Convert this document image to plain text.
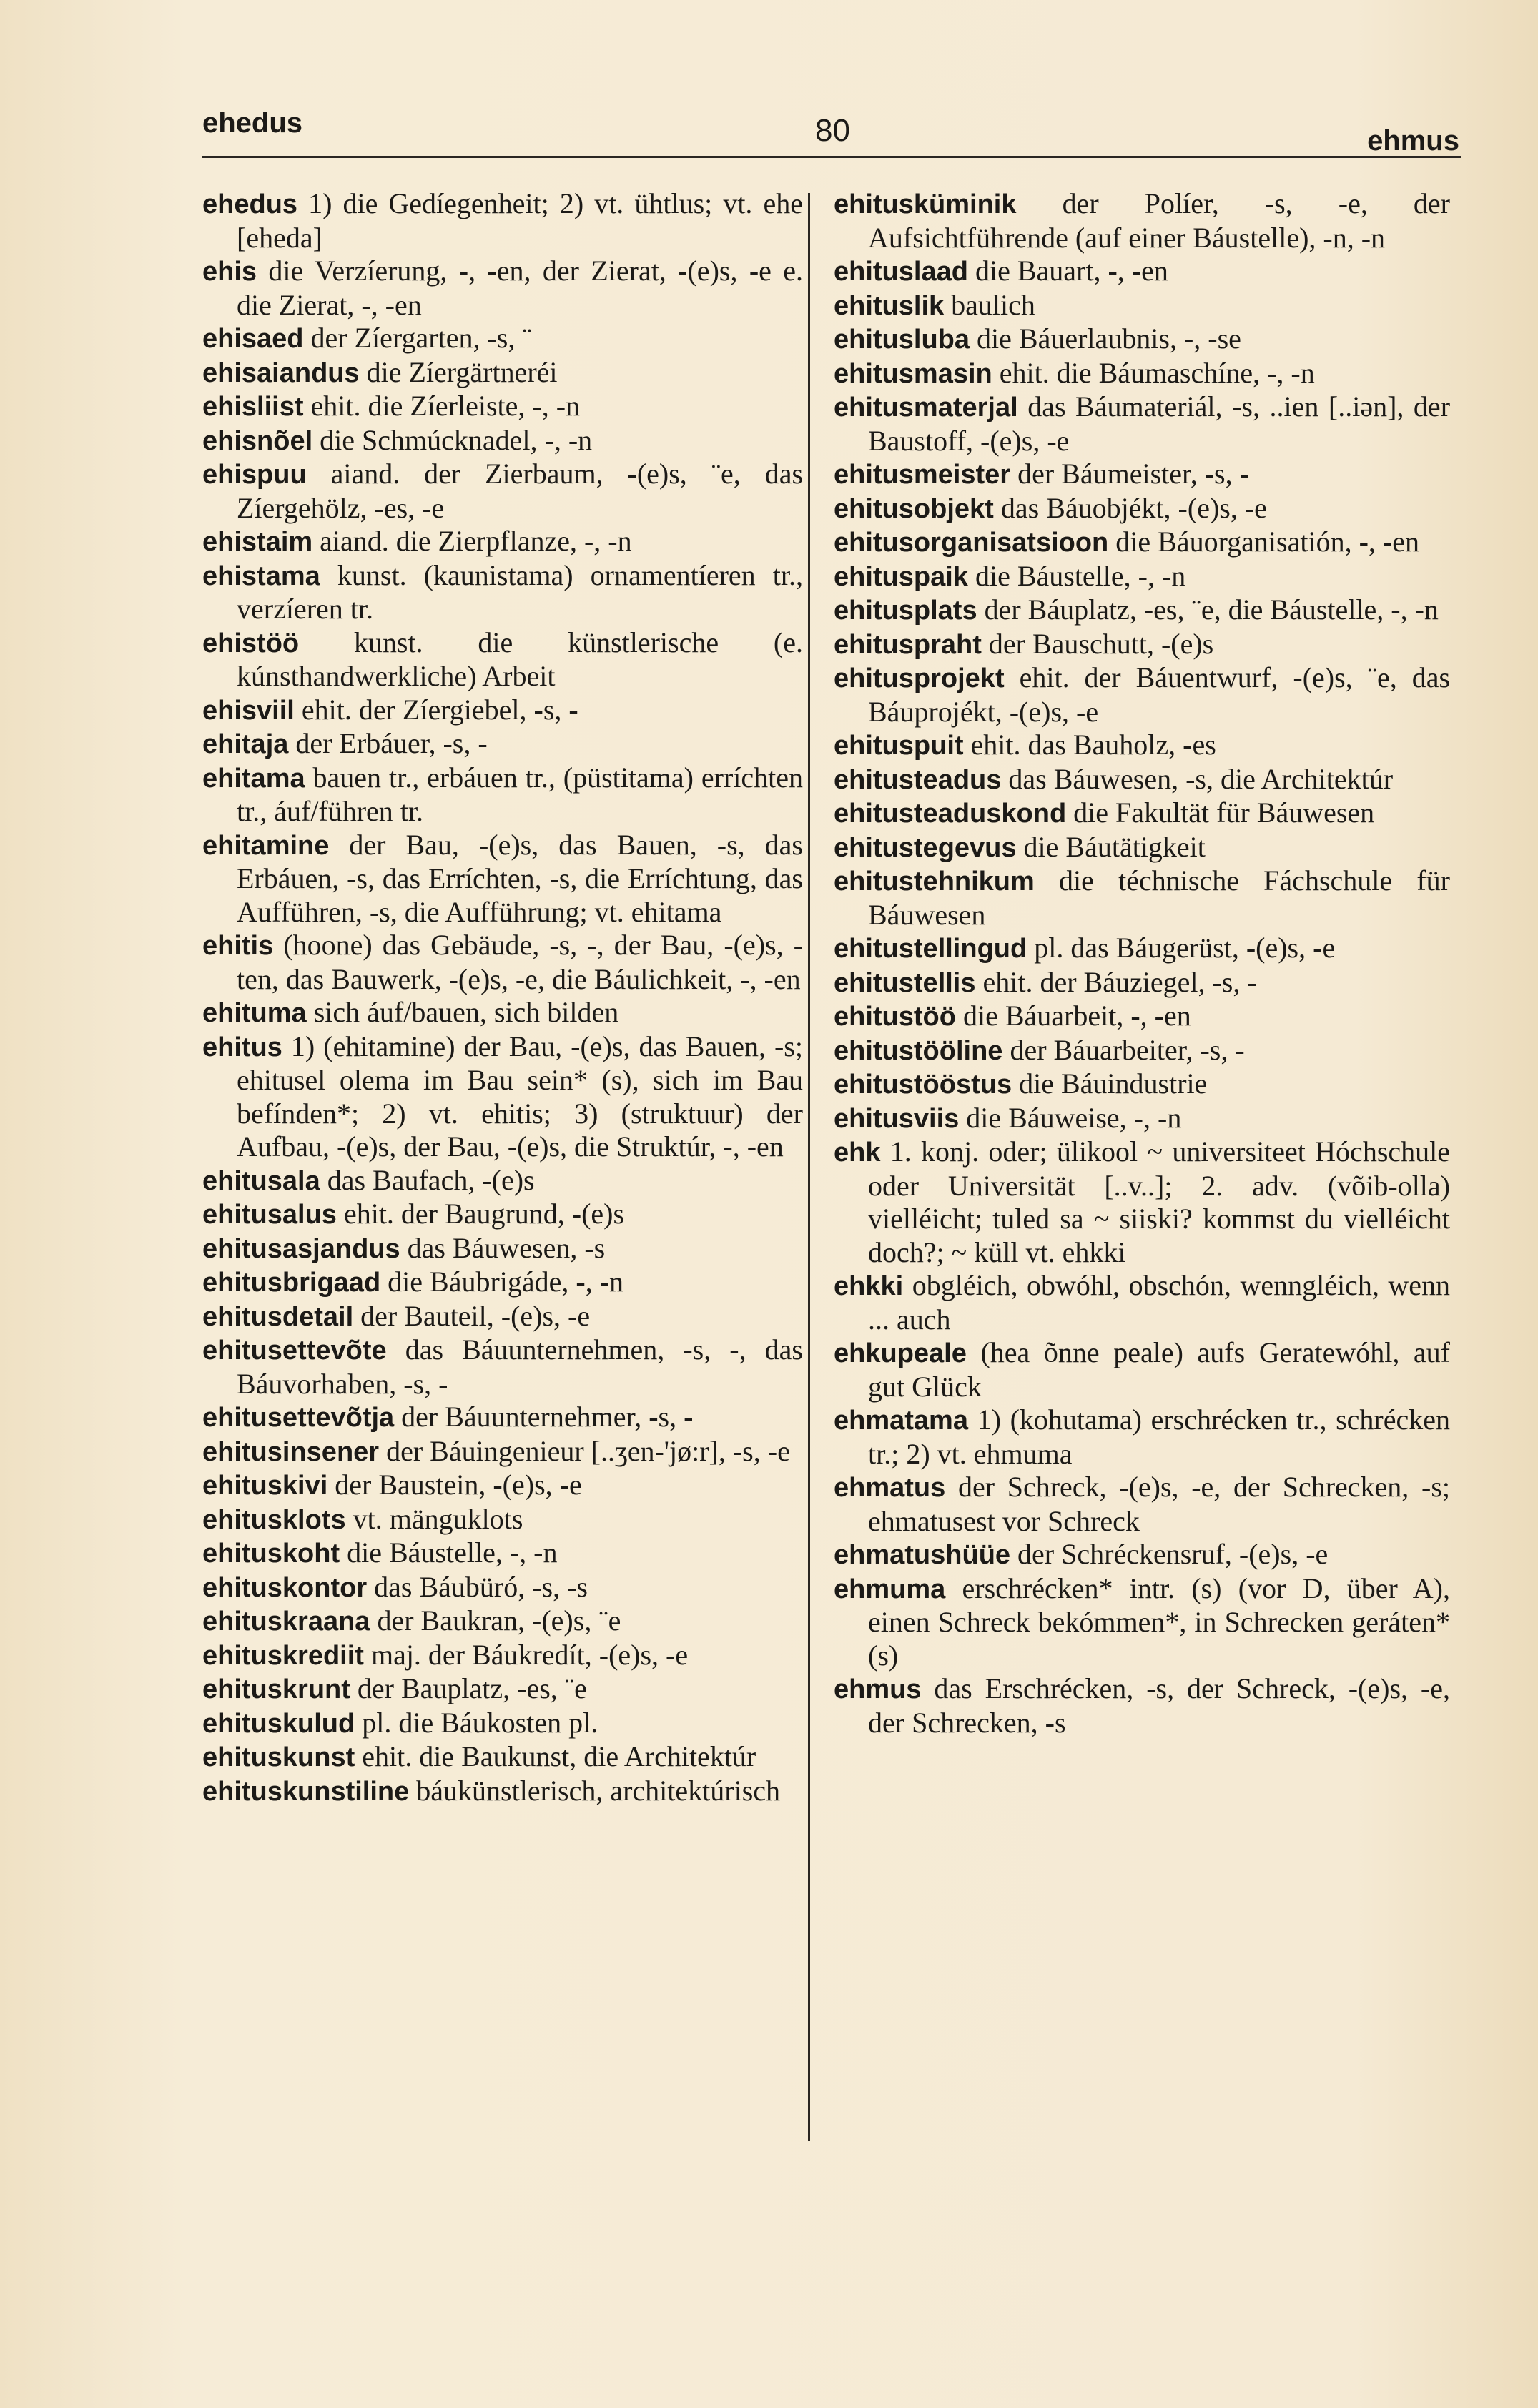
ehedus	80	ehmus

ehedus 1) die Gedíegenheit; 2) vt. ühtlus; vt. ehe [eheda]

ehis die Verzíerung, -, -en, der Zierat, -(e)s, -e e. die Zierat, -, -en

ehisaed der Zíergarten, -s, ¨

ehisaiandus die Zíergärtneréi

ehisliist ehit. die Zíerleiste, -, -n

ehisnõel die Schmúcknadel, -, -n

ehispuu aiand. der Zierbaum, -(e)s, ¨e, das Zíergehölz, -es, -e

ehistaim aiand. die Zierpflanze, -, -n

ehistama kunst. (kaunistama) ornamentíeren tr., verzíeren tr.

ehistöö kunst. die künstlerische (e. kúnsthandwerkliche) Arbeit

ehisviil ehit. der Zíergiebel, -s, -

ehitaja der Erbáuer, -s, -

ehitama bauen tr., erbáuen tr., (püstitama) erríchten tr., áuf/führen tr.

ehitamine der Bau, -(e)s, das Bauen, -s, das Erbáuen, -s, das Erríchten, -s, die Erríchtung, das Aufführen, -s, die Aufführung; vt. ehitama

ehitis (hoone) das Gebäude, -s, -, der Bau, -(e)s, -ten, das Bauwerk, -(e)s, -e, die Báulichkeit, -, -en

ehituma sich áuf/bauen, sich bilden

ehitus 1) (ehitamine) der Bau, -(e)s, das Bauen, -s; ehitusel olema im Bau sein* (s), sich im Bau befínden*; 2) vt. ehitis; 3) (struktuur) der Aufbau, -(e)s, der Bau, -(e)s, die Struktúr, -, -en

ehitusala das Baufach, -(e)s

ehitusalus ehit. der Baugrund, -(e)s

ehitusasjandus das Báuwesen, -s

ehitusbrigaad die Báubrigáde, -, -n

ehitusdetail der Bauteil, -(e)s, -e

ehitusettevõte das Báuunternehmen, -s, -, das Báuvorhaben, -s, -

ehitusettevõtja der Báuunternehmer, -s, -

ehitusinsener der Báuingenieur [..ʒen-'jø:r], -s, -e

ehituskivi der Baustein, -(e)s, -e

ehitusklots vt. mänguklots

ehituskoht die Báustelle, -, -n

ehituskontor das Báubüró, -s, -s

ehituskraana der Baukran, -(e)s, ¨e

ehituskrediit maj. der Báukredít, -(e)s, -e

ehituskrunt der Bauplatz, -es, ¨e

ehituskulud pl. die Báukosten pl.

ehituskunst ehit. die Baukunst, die Architektúr

ehituskunstiline báukünstlerisch, architektúrisch

ehitusküminik der Políer, -s, -e, der Aufsichtführende (auf einer Báustelle), -n, -n

ehituslaad die Bauart, -, -en

ehituslik baulich

ehitusluba die Báuerlaubnis, -, -se

ehitusmasin ehit. die Báumaschíne, -, -n

ehitusmaterjal das Báumateriál, -s, ..ien [..iən], der Baustoff, -(e)s, -e

ehitusmeister der Báumeister, -s, -

ehitusobjekt das Báuobjékt, -(e)s, -e

ehitusorganisatsioon die Báuorganisatión, -, -en

ehituspaik die Báustelle, -, -n

ehitusplats der Báuplatz, -es, ¨e, die Báustelle, -, -n

ehituspraht der Bauschutt, -(e)s

ehitusprojekt ehit. der Báuentwurf, -(e)s, ¨e, das Báuprojékt, -(e)s, -e

ehituspuit ehit. das Bauholz, -es

ehitusteadus das Báuwesen, -s, die Architektúr

ehitusteaduskond die Fakultät für Báuwesen

ehitustegevus die Báutätigkeit

ehitustehnikum die téchnische Fáchschule für Báuwesen

ehitustellingud pl. das Báugerüst, -(e)s, -e

ehitustellis ehit. der Báuziegel, -s, -

ehitustöö die Báuarbeit, -, -en

ehitustööline der Báuarbeiter, -s, -

ehitustööstus die Báuindustrie

ehitusviis die Báuweise, -, -n

ehk 1. konj. oder; ülikool ~ universiteet Hóchschule oder Universität [..v..]; 2. adv. (võib-olla) vielléicht; tuled sa ~ siiski? kommst du vielléicht doch?; ~ küll vt. ehkki

ehkki obgléich, obwóhl, obschón, wenngléich, wenn ... auch

ehkupeale (hea õnne peale) aufs Geratewóhl, auf gut Glück

ehmatama 1) (kohutama) erschrécken tr., schrécken tr.; 2) vt. ehmuma

ehmatus der Schreck, -(e)s, -e, der Schrecken, -s; ehmatusest vor Schreck

ehmatushüüe der Schréckensruf, -(e)s, -e

ehmuma erschrécken* intr. (s) (vor D, über A), einen Schreck bekómmen*, in Schrecken geráten* (s)

ehmus das Erschrécken, -s, der Schreck, -(e)s, -e, der Schrecken, -s
